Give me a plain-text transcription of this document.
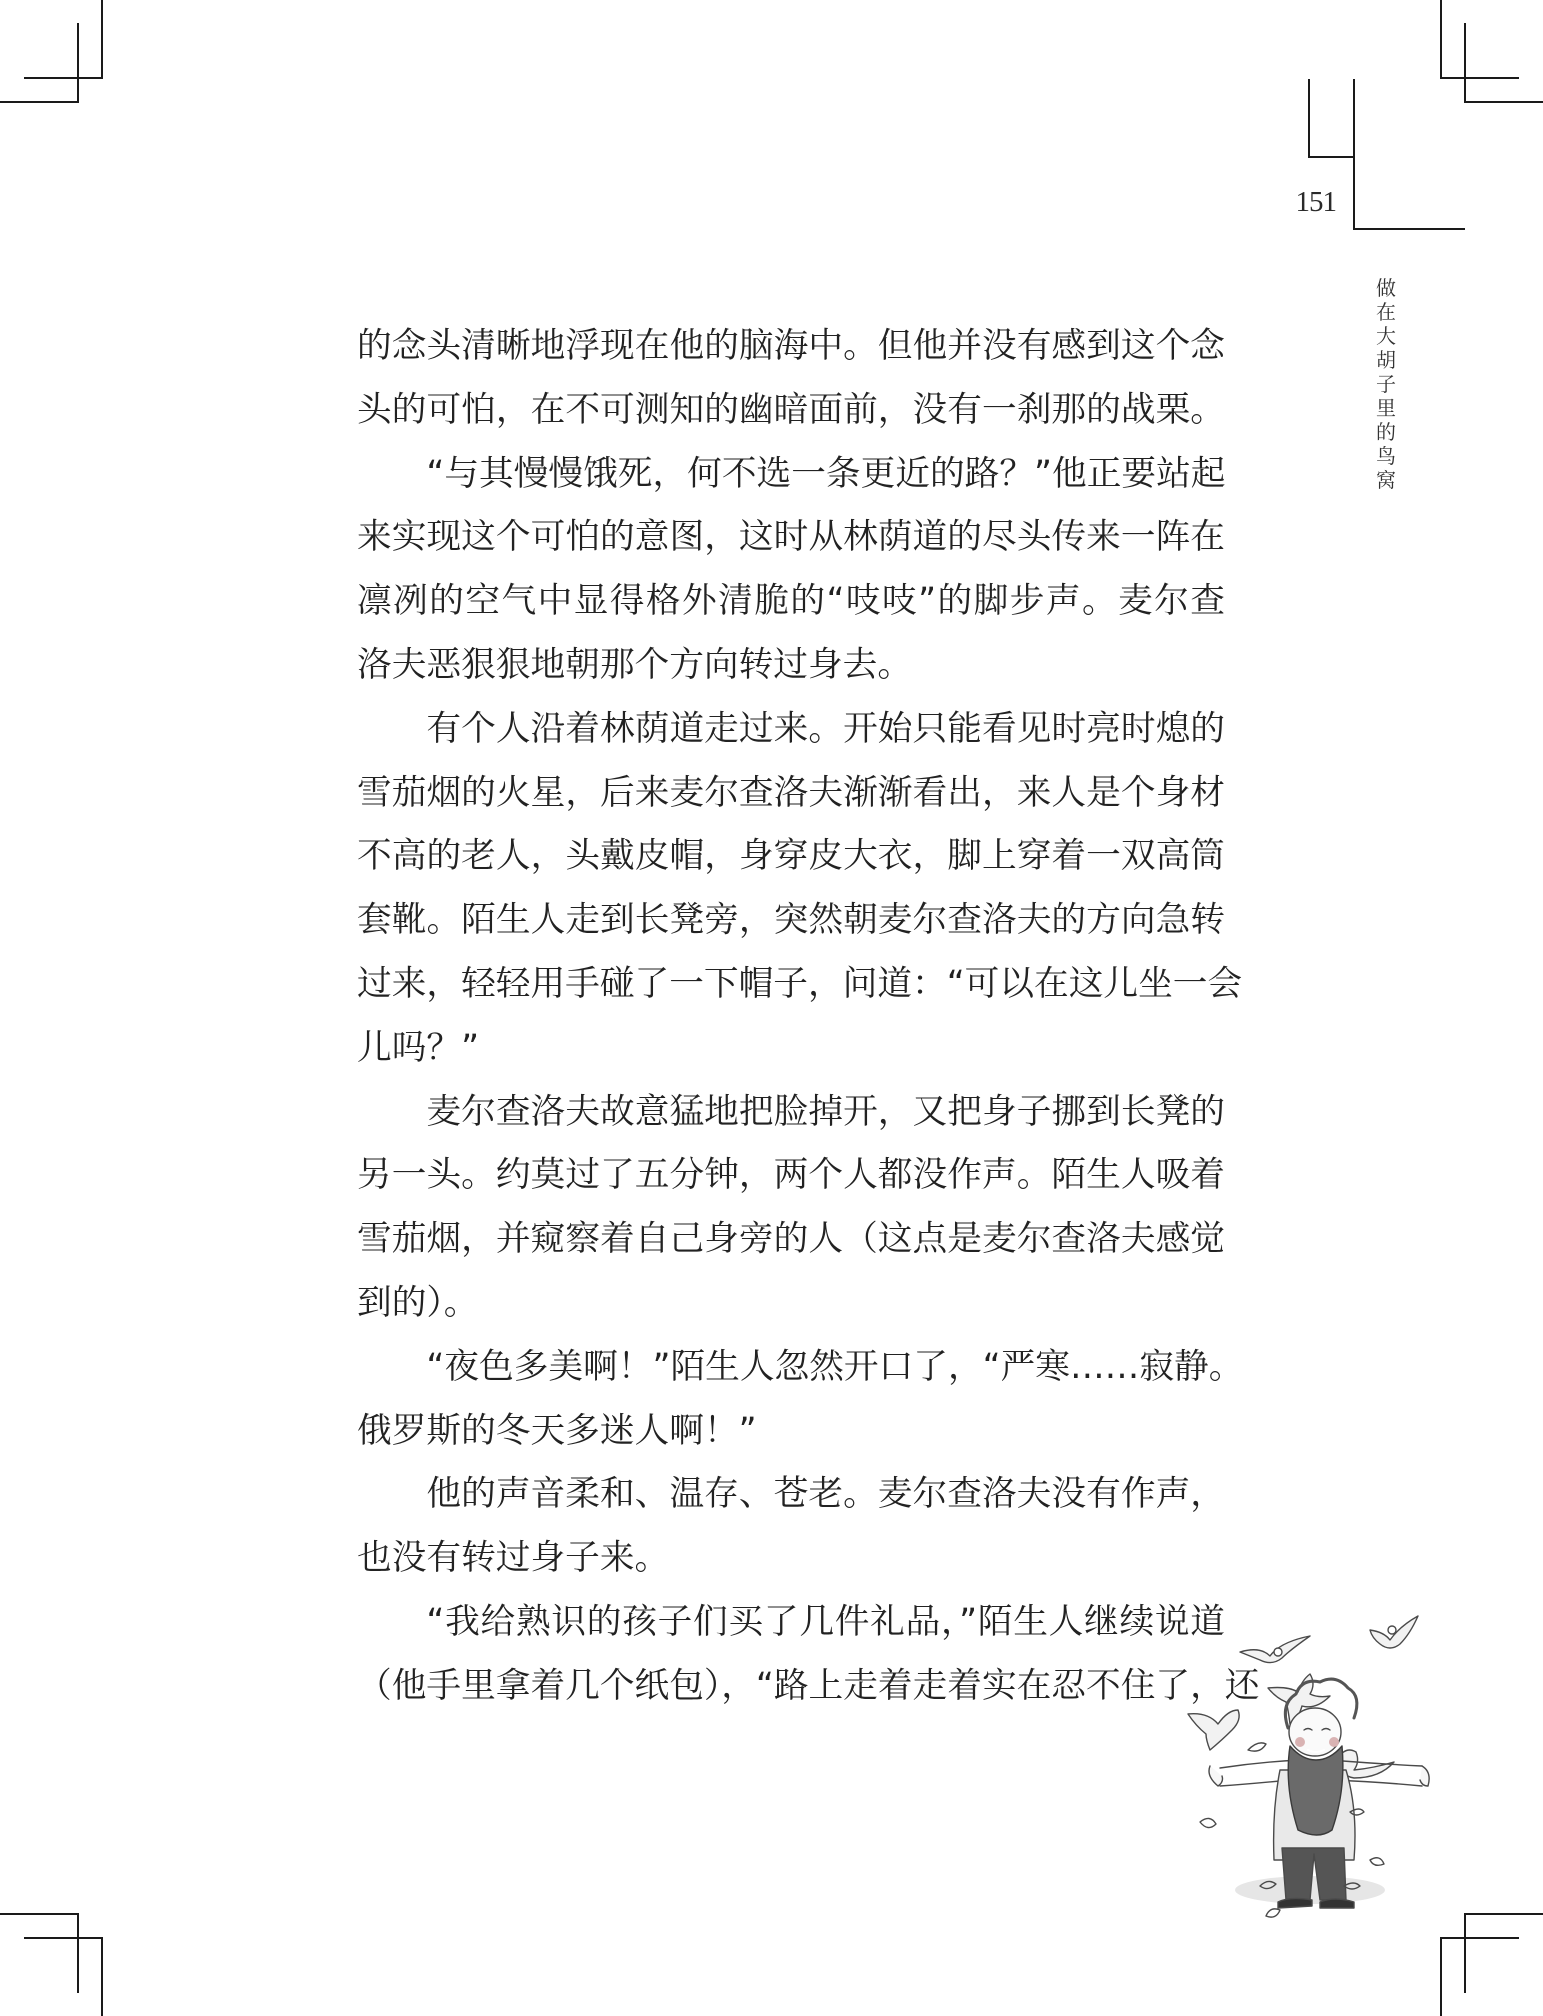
151
做
在
大
胡
子
里
的
鸟
窝
的念头清晰地浮现在他的脑海中。但他并没有感到这个念
头的可怕，在不可测知的幽暗面前，没有一刹那的战栗。
“与其慢慢饿死，何不选一条更近的路？”他正要站起
来实现这个可怕的意图，这时从林荫道的尽头传来一阵在
凛冽的空气中显得格外清脆的“吱吱”的脚步声。麦尔查
洛夫恶狠狠地朝那个方向转过身去。
有个人沿着林荫道走过来。开始只能看见时亮时熄的
雪茄烟的火星，后来麦尔查洛夫渐渐看出，来人是个身材
不高的老人，头戴皮帽，身穿皮大衣，脚上穿着一双高筒
套靴。陌生人走到长凳旁，突然朝麦尔查洛夫的方向急转
过来，轻轻用手碰了一下帽子，问道：“可以在这儿坐一会
儿吗？”
麦尔查洛夫故意猛地把脸掉开，又把身子挪到长凳的
另一头。约莫过了五分钟，两个人都没作声。陌生人吸着
雪茄烟，并窥察着自己身旁的人（这点是麦尔查洛夫感觉
到的）。
“夜色多美啊！”陌生人忽然开口了，“严寒……寂静。
俄罗斯的冬天多迷人啊！”
他的声音柔和、温存、苍老。麦尔查洛夫没有作声，
也没有转过身子来。
“我给熟识的孩子们买了几件礼品，”陌生人继续说道
（他手里拿着几个纸包），“路上走着走着实在忍不住了，还
